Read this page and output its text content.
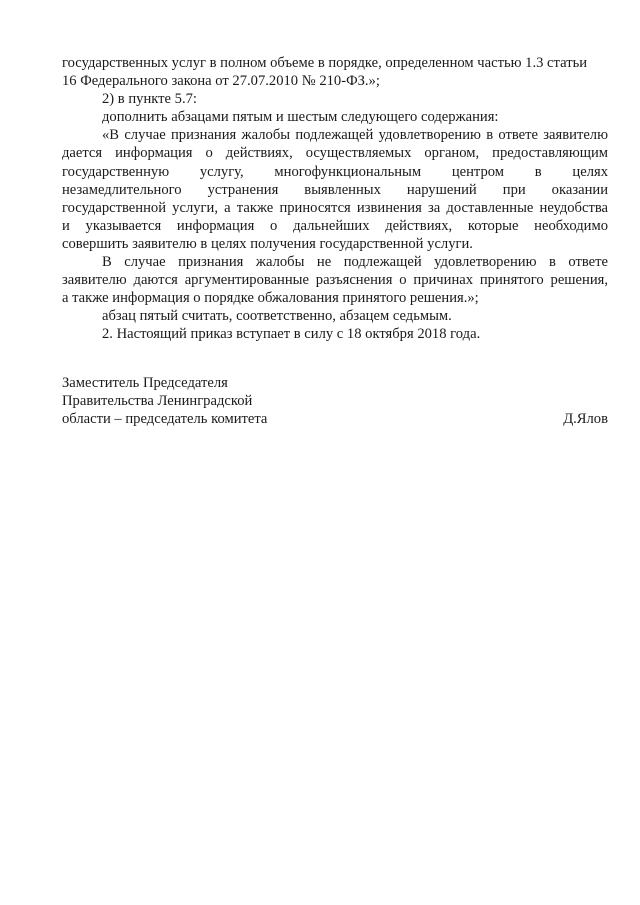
государственных услуг в полном объеме в порядке, определенном частью 1.3 статьи
16 Федерального закона от 27.07.2010 № 210-ФЗ.»;
2) в пункте 5.7:
дополнить абзацами пятым и шестым следующего содержания:
«В случае признания жалобы подлежащей удовлетворению в ответе заявителю
дается информация о действиях, осуществляемых органом, предоставляющим
государственную услугу, многофункциональным центром в целях
незамедлительного устранения выявленных нарушений при оказании
государственной услуги, а также приносятся извинения за доставленные неудобства
и указывается информация о дальнейших действиях, которые необходимо
совершить заявителю в целях получения государственной услуги.
В случае признания жалобы не подлежащей удовлетворению в ответе
заявителю даются аргументированные разъяснения о причинах принятого решения,
а также информация о порядке обжалования принятого решения.»;
абзац пятый считать, соответственно, абзацем седьмым.
2. Настоящий приказ вступает в силу с 18 октября 2018 года.
Заместитель Председателя
Правительства Ленинградской
области – председатель комитета	Д.Ялов
